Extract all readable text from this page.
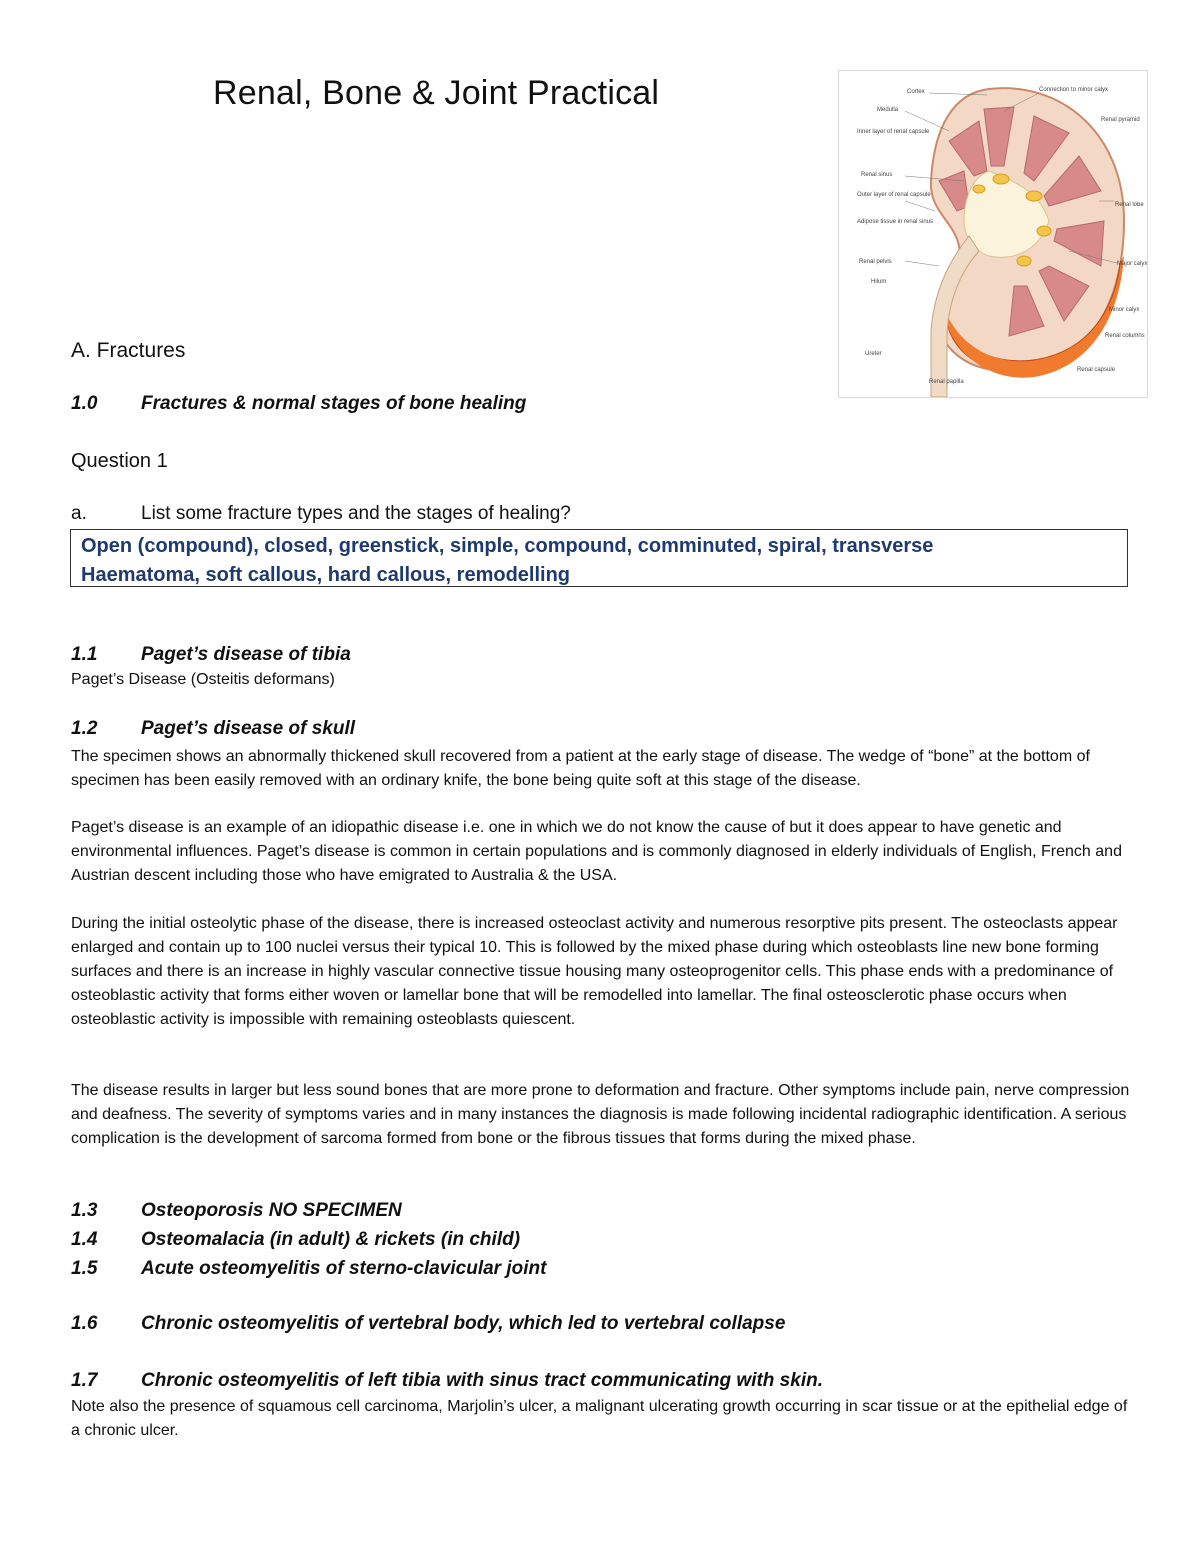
Renal, Bone & Joint Practical	Cortex
Medulla
Inner layer of renal capsule
Renal sinus
Outer layer of renal capsule
Adipose tissue in renal sinus
Renal pelvis
Hilum
Ureter
Renal papilla
Connection to minor calyx
Renal pyramid
Renal lobe
Major calyx
Minor calyx
Renal columns
Renal capsule
A. Fractures
1.0 Fractures & normal stages of bone healing
Question 1
a.	List some fracture types and the stages of healing?
Open (compound), closed, greenstick, simple, compound, comminuted, spiral, transverse
Haematoma, soft callous, hard callous, remodelling
1.1 Paget’s disease of tibia
Paget’s Disease (Osteitis deformans)
1.2 Paget’s disease of skull
The specimen shows an abnormally thickened skull recovered from a patient at the early stage of disease. The wedge of “bone” at the bottom of specimen has been easily removed with an ordinary knife, the bone being quite soft at this stage of the disease.
Paget’s disease is an example of an idiopathic disease i.e. one in which we do not know the cause of but it does appear to have genetic and environmental influences. Paget’s disease is common in certain populations and is commonly diagnosed in elderly individuals of English, French and Austrian descent including those who have emigrated to Australia & the USA.
During the initial osteolytic phase of the disease, there is increased osteoclast activity and numerous resorptive pits present. The osteoclasts appear enlarged and contain up to 100 nuclei versus their typical 10. This is followed by the mixed phase during which osteoblasts line new bone forming surfaces and there is an increase in highly vascular connective tissue housing many osteoprogenitor cells. This phase ends with a predominance of osteoblastic activity that forms either woven or lamellar bone that will be remodelled into lamellar. The final osteosclerotic phase occurs when osteoblastic activity is impossible with remaining osteoblasts quiescent.
The disease results in larger but less sound bones that are more prone to deformation and fracture. Other symptoms include pain, nerve compression and deafness. The severity of symptoms varies and in many instances the diagnosis is made following incidental radiographic identification. A serious complication is the development of sarcoma formed from bone or the fibrous tissues that forms during the mixed phase.
1.3 Osteoporosis NO SPECIMEN
1.4 Osteomalacia (in adult) & rickets (in child)
1.5 Acute osteomyelitis of sterno-clavicular joint
1.6 Chronic osteomyelitis of vertebral body, which led to vertebral collapse
1.7 Chronic osteomyelitis of left tibia with sinus tract communicating with skin.
Note also the presence of squamous cell carcinoma, Marjolin’s ulcer, a malignant ulcerating growth occurring in scar tissue or at the epithelial edge of a chronic ulcer.
